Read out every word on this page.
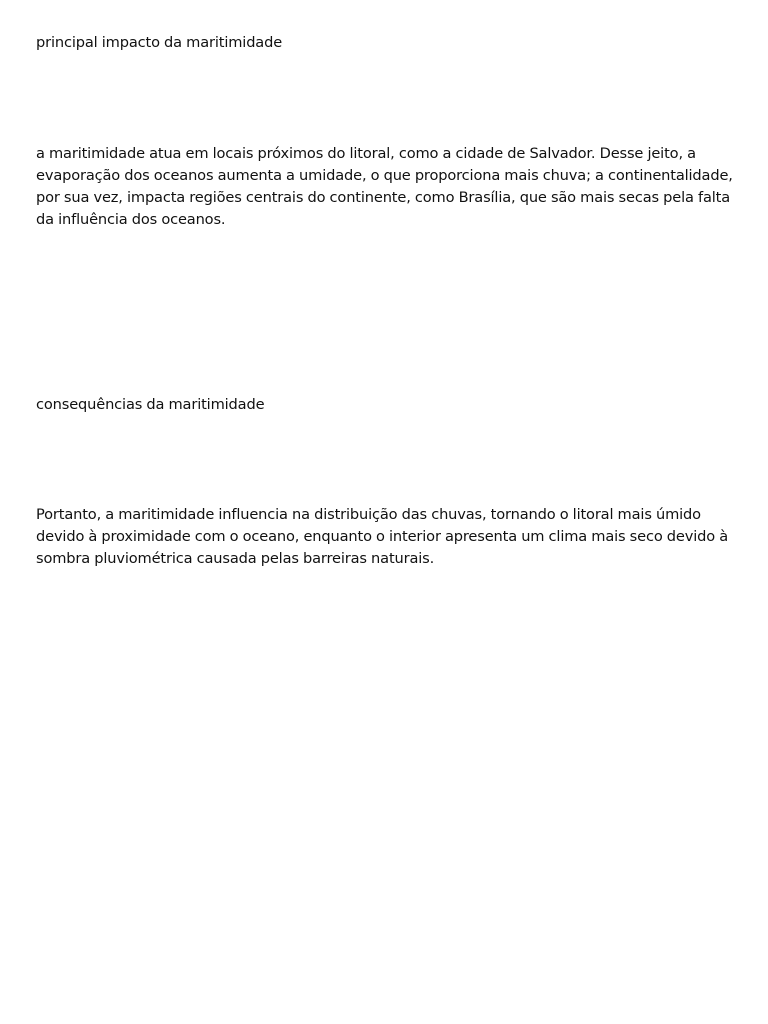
principal impacto da maritimidade

a maritimidade atua em locais próximos do litoral, como a cidade de Salvador. Desse jeito, a evaporação dos oceanos aumenta a umidade, o que proporciona mais chuva; a continentalidade, por sua vez, impacta regiões centrais do continente, como Brasília, que são mais secas pela falta da influência dos oceanos.

consequências da maritimidade

Portanto, a maritimidade influencia na distribuição das chuvas, tornando o litoral mais úmido devido à proximidade com o oceano, enquanto o interior apresenta um clima mais seco devido à sombra pluviométrica causada pelas barreiras naturais.
